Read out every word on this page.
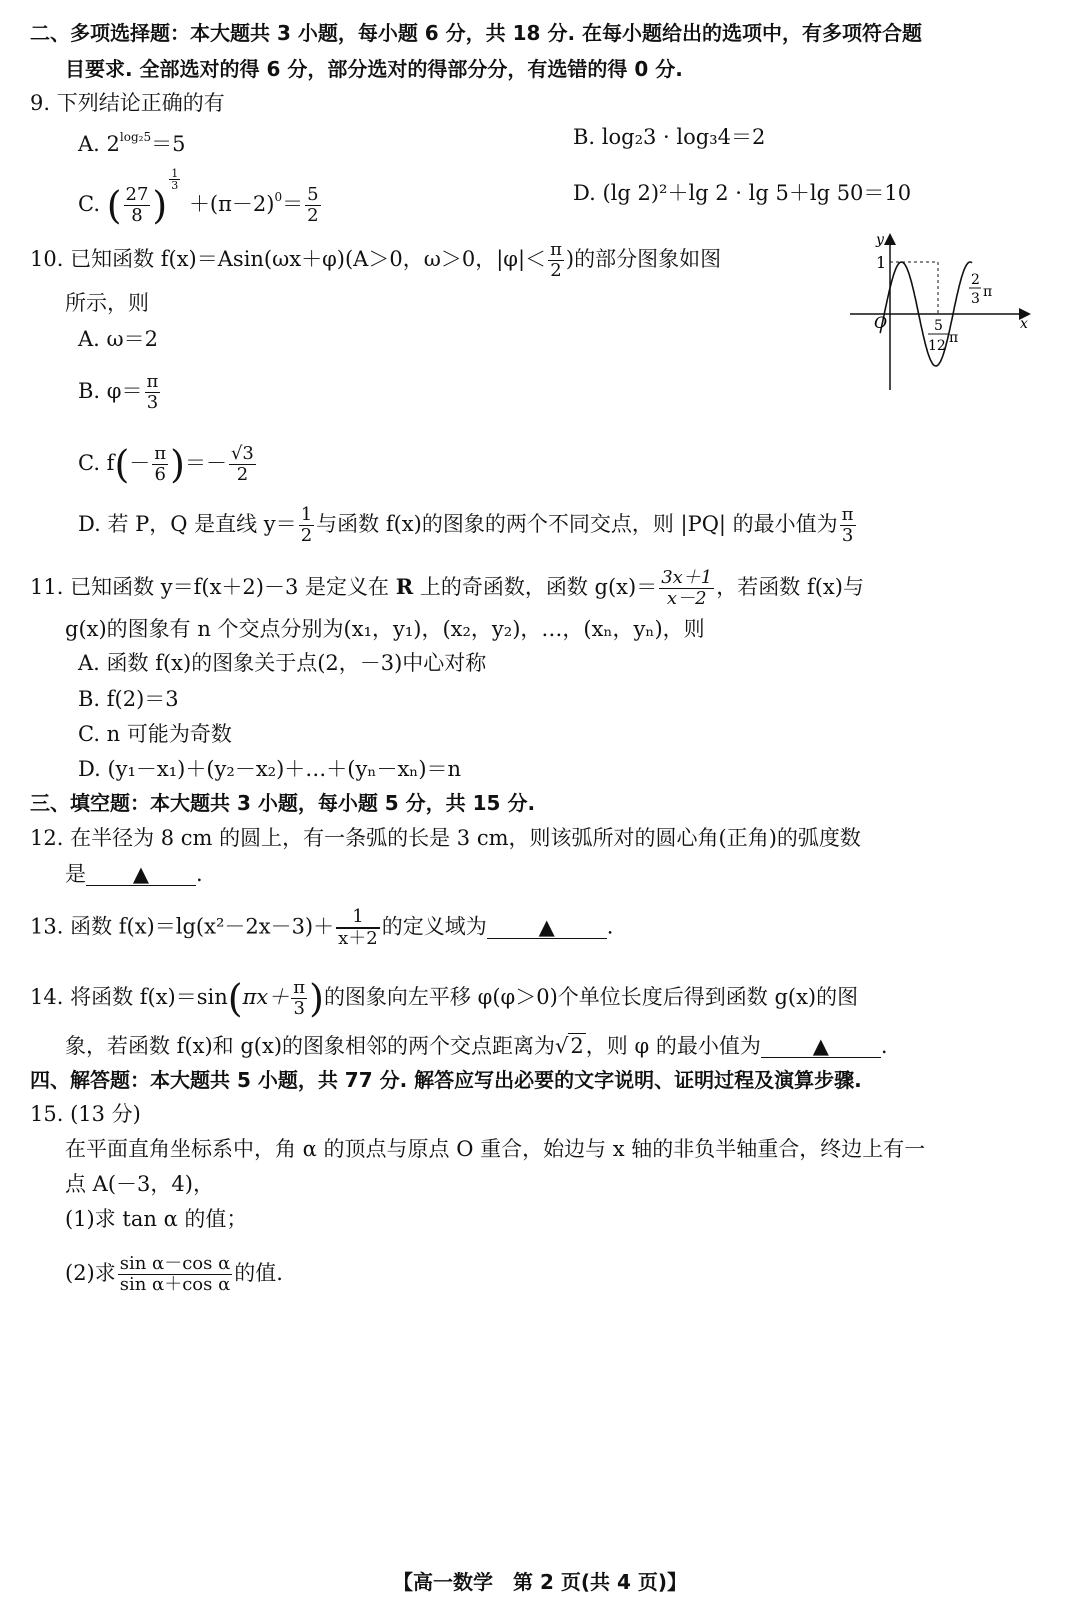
二、多项选择题：本大题共 3 小题，每小题 6 分，共 18 分. 在每小题给出的选项中，有多项符合题
目要求. 全部选对的得 6 分，部分选对的得部分分，有选错的得 0 分.
9. 下列结论正确的有
A. $2^{log_25}=5$	B. log₂3 · log₃4＝2
C. ( $\frac{27}{8}$ )
$\frac{1}{3}$
$+(\pi-2)^0= \frac{5}{2}$	D. (lg 2)²＋lg 2 · lg 5＋lg 50＝10
10. 已知函数 f(x)＝Asin(ωx＋φ)(A＞0，ω＞0，$|\varphi|< \frac{\pi}{2}$ )的部分图象如图
所示，则
A. ω＝2
B. $\varphi= \frac{\pi}{3}$
C. $f(- \frac{\pi}{6}$ )＝－ $\frac{√3}{2}$
D. 若 P，Q 是直线 $y= \frac{1}{2}$ 与函数 f(x)的图象的两个不同交点，则 |PQ| 的最小值为 $\frac{\pi}{3}$
y
x
O
1
5
12 π
2
3 π
11. 已知函数 y＝f(x＋2)－3 是定义在 R 上的奇函数，函数 $g(x)= \frac{3x+1}{x-2}$ ，若函数 f(x)与
g(x)的图象有 n 个交点分别为(x₁，y₁)，(x₂，y₂)，…，(xₙ，yₙ)，则
A. 函数 f(x)的图象关于点(2，－3)中心对称
B. f(2)＝3
C. n 可能为奇数
D. (y₁－x₁)＋(y₂－x₂)＋…＋(yₙ－xₙ)＝n
三、填空题：本大题共 3 小题，每小题 5 分，共 15 分.
12. 在半径为 8 cm 的圆上，有一条弧的长是 3 cm，则该弧所对的圆心角(正角)的弧度数
是 ▲ .
13. 函数 $f(x)=\lg(x^2-2x-3)+ \frac{1}{x+2}$ 的定义域为 ▲ .
14. 将函数 $f(x)=\sin(\pi x+ \frac{\pi}{3}$ )的图象向左平移 φ(φ＞0)个单位长度后得到函数 g(x)的图
象，若函数 f(x)和 g(x)的图象相邻的两个交点距离为√2，则 φ 的最小值为 ▲ .
四、解答题：本大题共 5 小题，共 77 分. 解答应写出必要的文字说明、证明过程及演算步骤.
15. (13 分)
在平面直角坐标系中，角 α 的顶点与原点 O 重合，始边与 x 轴的非负半轴重合，终边上有一
点 A(－3，4)，
(1)求 tan α 的值；
(2)求 $\frac{\text{sin α－cos α}}{\text{sin α＋cos α}}$ 的值.
【高一数学　第 2 页(共 4 页)】
